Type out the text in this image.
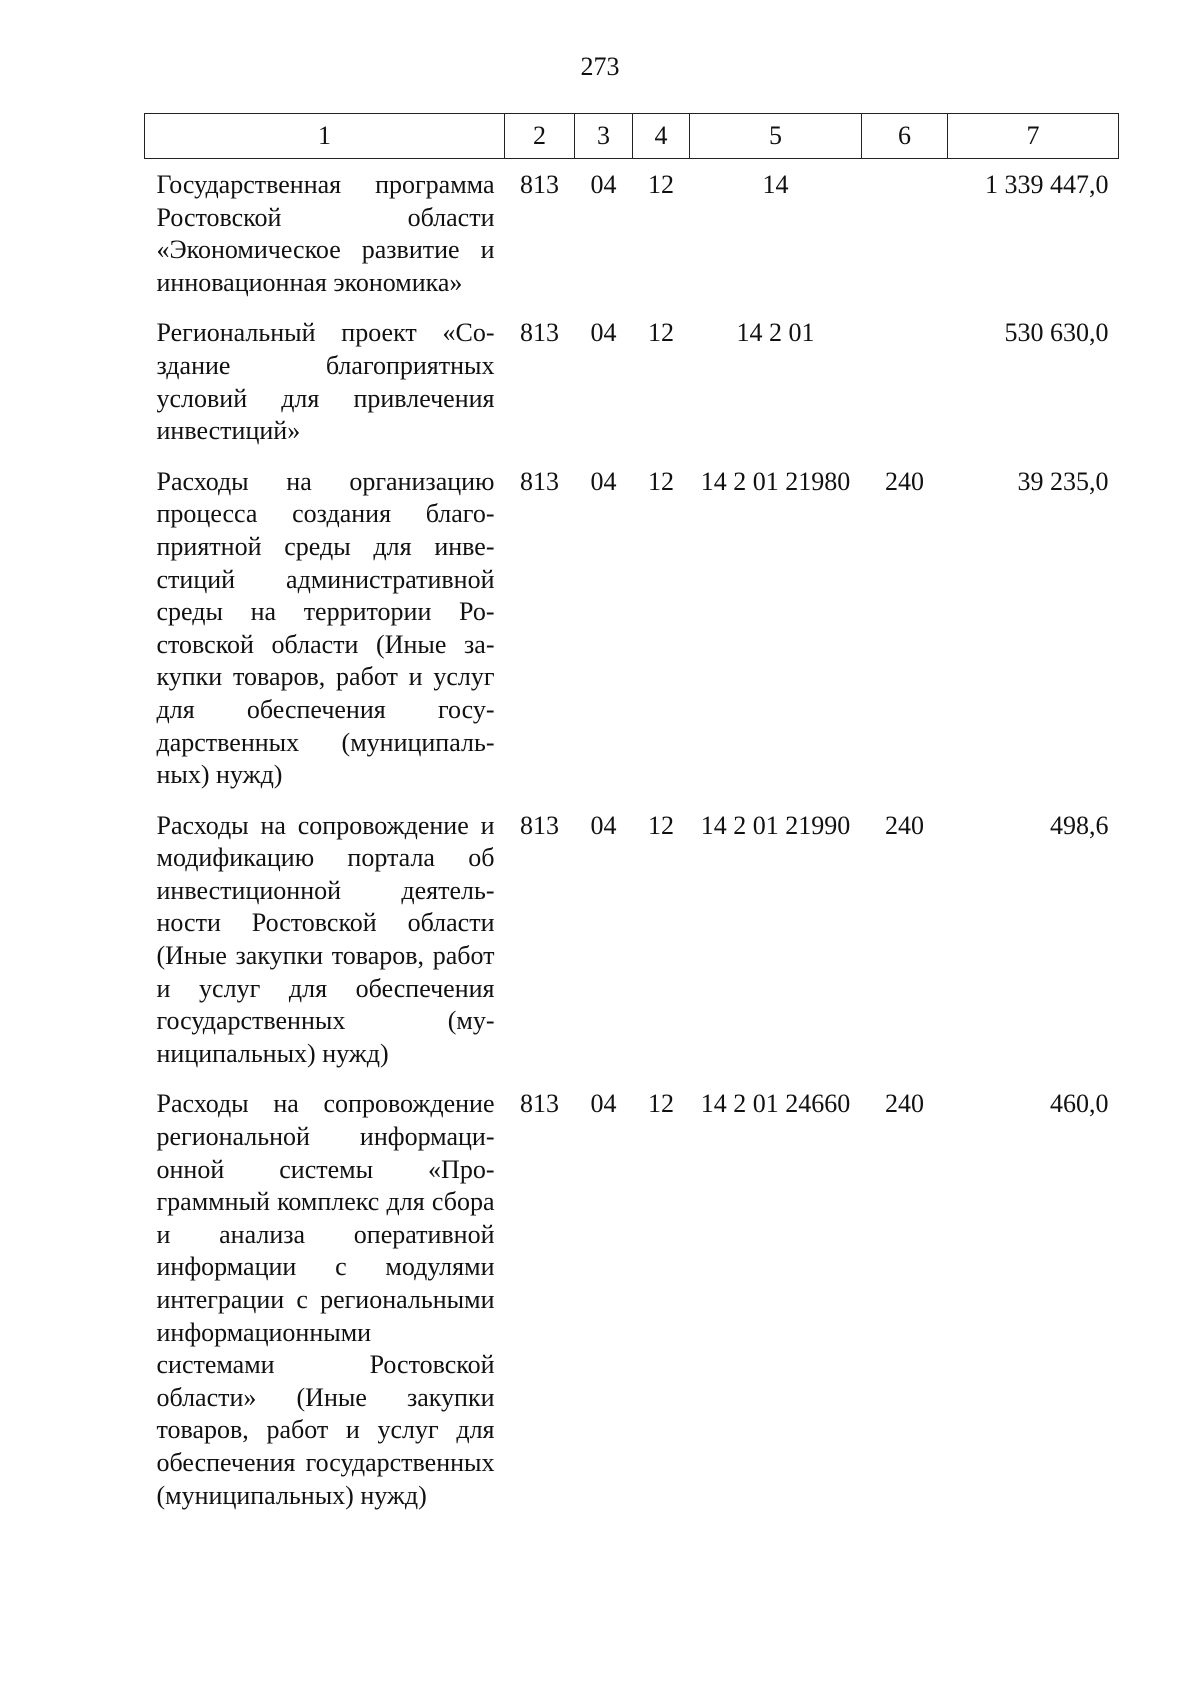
273
1	2	3	4	5	6	7
Государственная программа Ростовской области «Экономическое развитие и инновационная экономика»	813	04	12	14		1 339 447,0
Региональный проект «Создание благоприятных условий для привлечения инвестиций»	813	04	12	14 2 01		530 630,0
Расходы на организацию процесса создания благоприятной среды для инвестиций административной среды на территории Ростовской области (Иные закупки товаров, работ и услуг для обеспечения государственных (муниципальных) нужд)	813	04	12	14 2 01 21980	240	39 235,0
Расходы на сопровождение и модификацию портала об инвестиционной деятельности Ростовской области (Иные закупки товаров, работ и услуг для обеспечения государственных (муниципальных) нужд)	813	04	12	14 2 01 21990	240	498,6
Расходы на сопровождение региональной информационной системы «Программный комплекс для сбора и анализа оперативной информации с модулями интеграции с региональными информационными системами Ростовской области» (Иные закупки товаров, работ и услуг для обеспечения государственных (муниципальных) нужд)	813	04	12	14 2 01 24660	240	460,0
